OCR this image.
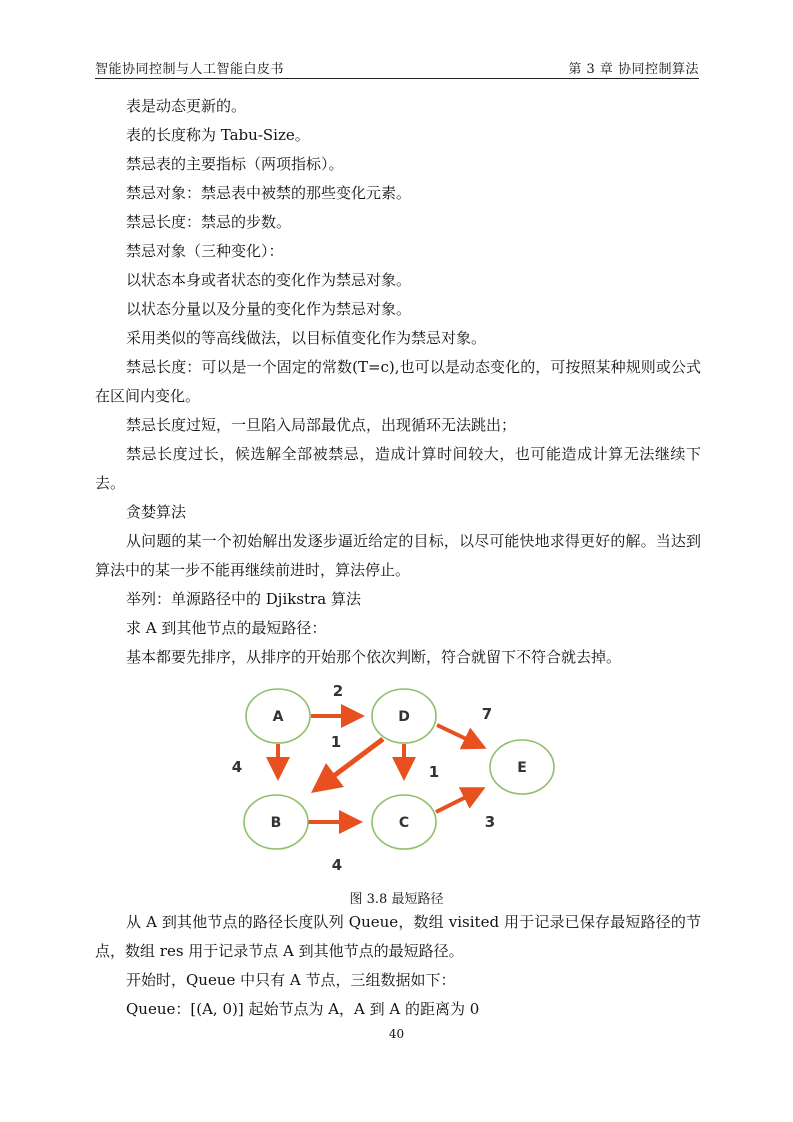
智能协同控制与人工智能白皮书	第 3 章 协同控制算法

表是动态更新的。

表的长度称为 Tabu-Size。

禁忌表的主要指标（两项指标）。

禁忌对象：禁忌表中被禁的那些变化元素。

禁忌长度：禁忌的步数。

禁忌对象（三种变化）：

以状态本身或者状态的变化作为禁忌对象。

以状态分量以及分量的变化作为禁忌对象。

采用类似的等高线做法，以目标值变化作为禁忌对象。

禁忌长度：可以是一个固定的常数(T=c),也可以是动态变化的，可按照某种规则或公式在区间内变化。

禁忌长度过短，一旦陷入局部最优点，出现循环无法跳出；

禁忌长度过长，候选解全部被禁忌，造成计算时间较大，也可能造成计算无法继续下去。

贪婪算法

从问题的某一个初始解出发逐步逼近给定的目标，以尽可能快地求得更好的解。当达到算法中的某一步不能再继续前进时，算法停止。

举列：单源路径中的 Djikstra 算法

求 A 到其他节点的最短路径：

基本都要先排序，从排序的开始那个依次判断，符合就留下不符合就去掉。

A	D
E
B	C
2
4
1
1
7
4
3
图 3.8 最短路径

从 A 到其他节点的路径长度队列 Queue，数组 visited 用于记录已保存最短路径的节点，数组 res 用于记录节点 A 到其他节点的最短路径。

开始时，Queue 中只有 A 节点，三组数据如下：

Queue：[(A, 0)] 起始节点为 A，A 到 A 的距离为 0

40
